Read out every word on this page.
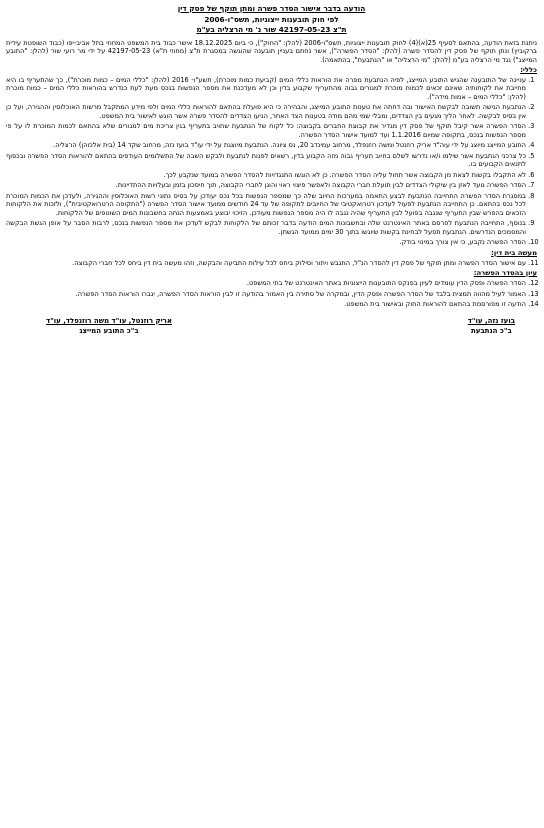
הודעה בדבר אישור הסדר פשרה ומתן תוקף של פסק דין

לפי חוק תובענות ייצוגיות, תשס"ו-2006

ת"צ 42197-05-23 שור נ' מי הרצליה בע"מ

ניתנת בזאת הודעה, בהתאם לסעיף 25(א)(4) לחוק תובענות ייצוגיות, תשס"ו-2006 (להלן: "החוק"), כי ביום 18.12.2025 אישר כבוד בית המשפט המחוזי בתל אביב-יפו (כבוד השופטת עידית ברקוביץ) ונתן תוקף של פסק דין להסדר פשרה (להלן: "הסדר הפשרה"), אשר נחתם בעניין תובענה שהוגשה במסגרת ת"צ (מחוזי ת"א) 42197-05-23 על ידי מר רועי שור (להלן: "התובע המייצג") נגד מי הרצליה בע"מ (להלן: "מי הרצליה" או "הנתבעת", בהתאמה).

כללי:

1. עניינה של התובענה שהגיש התובע המייצג, לפיה הנתבעת מפרה את הוראות כללי המים (קביעת כמות מוכרת), תשע"ו- 2016 (להלן: "כללי המים – כמות מוכרת"), כך שהתעריף בו היא מחייבת את לקוחותיה שאינם זכאים לכמות מוכרת למגורים גבוה מהתעריף שקבוע בדין וכן לא מעדכנת את מספר הנפשות בנכס מעת לעת כנדרש בהוראות כללי המים – כמות מוכרת (להלן: "כללי המים – אמות מידה").
2. הנתבעת הגישה תשובה לבקשת האישור ובה דחתה את טענות התובע המייצג, והבהירה כי היא פועלת בהתאם להוראות כללי המים ולפי מידע המתקבל מרשות האוכלוסין וההגירה, ועל כן אין בסיס לבקשה. לאחר הליך מגעים בין הצדדים, ומבלי שמי מהם מודה בטענות הצד האחר, הגיעו הצדדים להסדר פשרה אשר הוגש לאישור בית המשפט.
3. הסדר הפשרה אשר קיבל תוקף של פסק דין מגדיר את קבוצת החברים בקבוצה: כל לקוח של הנתבעת שחויב בתעריף בגין צריכת מים למגורים שלא בהתאם לכמות המוכרת לו על פי מספר הנפשות בנכס, בתקופה שמיום 1.1.2016 ועד למועד אישור הסדר הפשרה.
4. התובע המייצג מיוצג על ידי עוה"ד אריק רוזנטל ומשה רוזנפלד, מרחוב עמינדב 20, נס ציונה. הנתבעת מיוצגת על ידי עו"ד בועז נזה, מרחוב שקד 14 (בית אלכוהן) הרצליה.
5. כל צרכני הנתבעת אשר שילמו ו/או נדרשו לשלם בחיוב תעריף גבוה מזה הקבוע בדין, רשאים לפנות לנתבעת ולבקש השבה של התשלומים העודפים בהתאם להוראות הסדר הפשרה ובכפוף לתנאים הקבועים בו.
6. לא התקבלו בקשות לצאת מן הקבוצה אשר תחול עליה הסדר הפשרה. כן לא הוגשו התנגדויות להסדר הפשרה במועד שנקבע לכך.
7. הסדר הפשרה נועד לאזן בין שיקולי הצדדים לבין תועלת חברי הקבוצה ולאפשר פיצוי ראוי והוגן לחברי הקבוצה, תוך חיסכון בזמן ובעלויות ההתדיינות.
8. במסגרת הסדר הפשרה התחייבה הנתבעת לבצע התאמה במערכות החיוב שלה כך שמספר הנפשות בכל נכס יעודכן על בסיס נתוני רשות האוכלוסין וההגירה, ולעדכן את הכמות המוכרת לכל נכס בהתאם. כן התחייבה הנתבעת לפעול לעדכון רטרואקטיבי של החיובים לתקופה של עד 24 חודשים ממועד אישור הסדר הפשרה ("התקופה הרטרואקטיבית"), ולזכות את הלקוחות הזכאים בהפרש שבין התעריף שנגבה בפועל לבין התעריף שהיה נגבה לו היה מספר הנפשות מעודכן. הזיכוי יבוצע באמצעות הנחה בחשבונות המים השוטפים של הלקוחות.
9. בנוסף, התחייבה הנתבעת לפרסם באתר האינטרנט שלה ובחשבונות המים הודעה בדבר זכותם של הלקוחות לבקש לעדכן את מספר הנפשות בנכס, לרבות הסבר על אופן הגשת הבקשה והמסמכים הנדרשים. הנתבעת תפעל לבחינת בקשות שיוגשו בתוך 30 ימים ממועד הגשתן.
10. הסדר הפשרה נקבע, כי אין צורך במינוי בודק.

מעשה בית דין:

11. עם אישור הסדר הפשרה ומתן תוקף של פסק דין להסדר הנ"ל, התגבש ויתור וסילוק ביחס לכל עילות התביעה והבקשה, וזהו מעשה בית דין ביחס לכל חברי הקבוצה.

עיון בהסדר הפשרה:

12. הסדר הפשרה ופסק הדין עומדים לעיון בפנקס התובענות הייצוגיות באתר האינטרנט של בתי המשפט.
13. האמור לעיל מהווה תמצית בלבד של הסדר הפשרה ופסק הדין, ובמקרה של סתירה בין האמור בהודעה זו לבין הוראות הסדר הפשרה, יגברו הוראות הסדר הפשרה.
14. הודעה זו מפורסמת בהתאם להוראות החוק ובאישור בית המשפט.
בועז נזה, עו"ד
ב"כ הנתבעת
אריק רוזנטל, עו"ד משה רוזנפלד, עו"ד
ב"כ התובע המייצג
